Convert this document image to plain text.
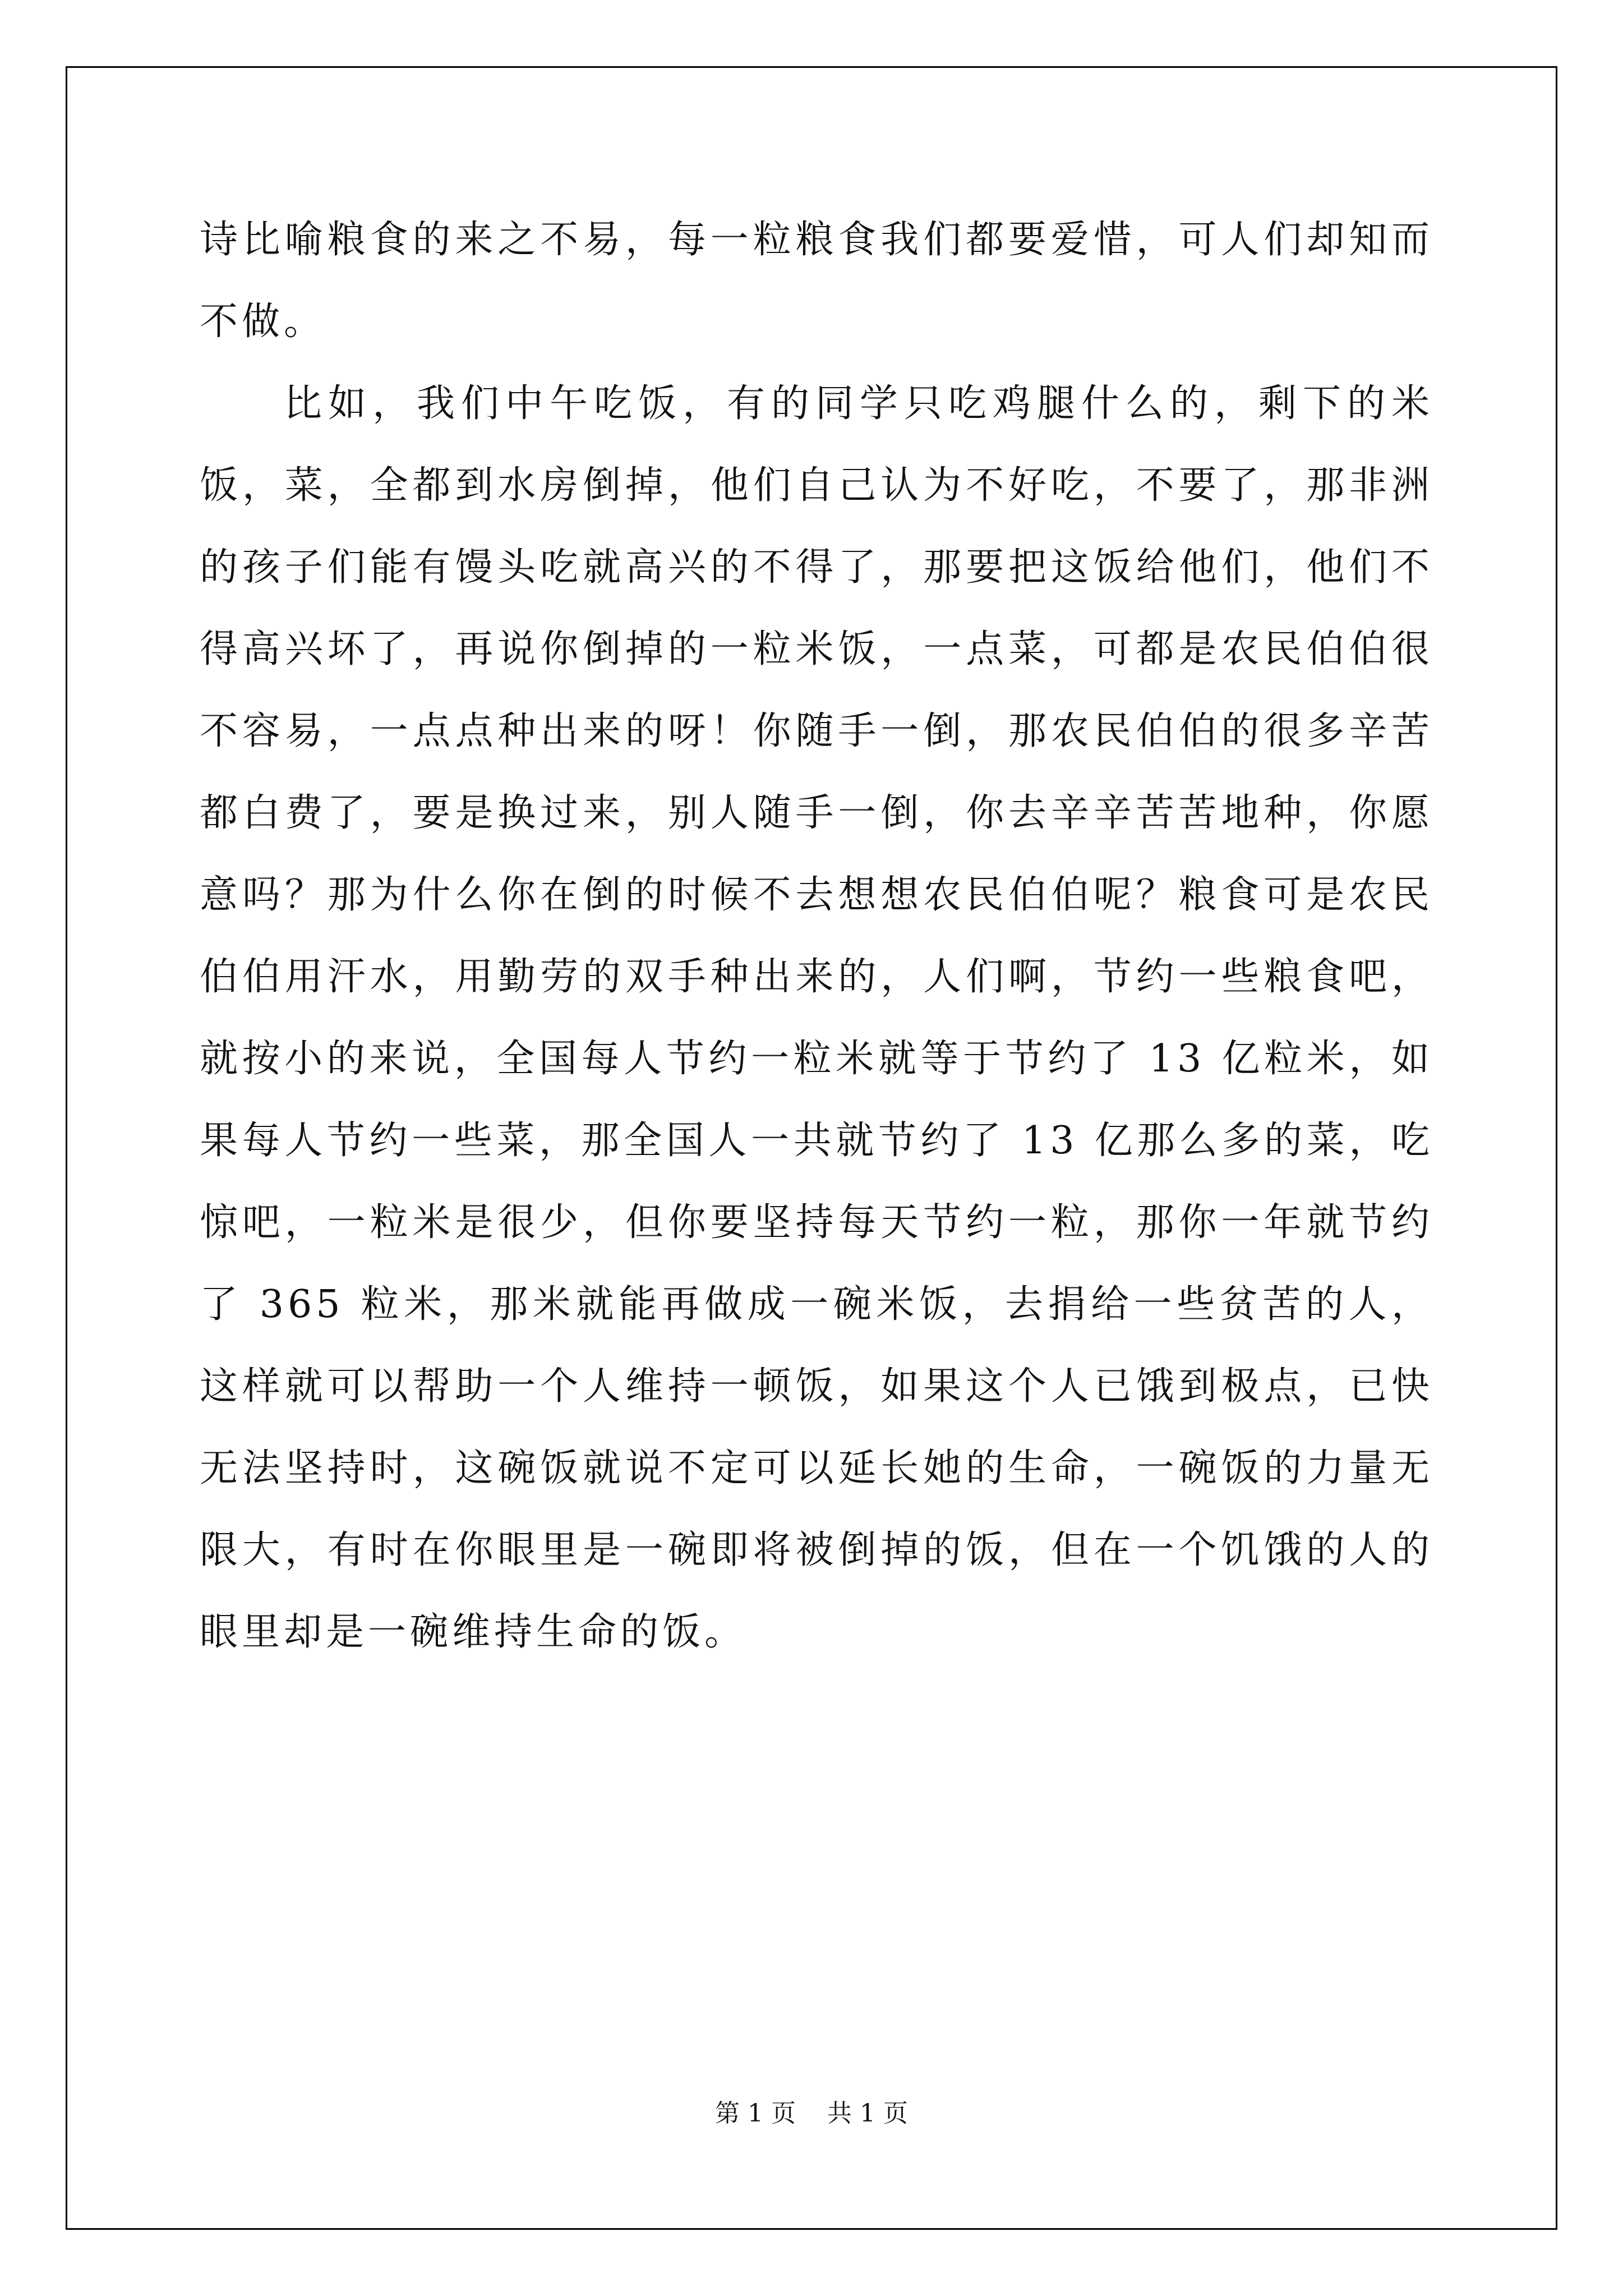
诗比喻粮食的来之不易，每一粒粮食我们都要爱惜，可人们却知而不做。

比如，我们中午吃饭，有的同学只吃鸡腿什么的，剩下的米饭，菜，全都到水房倒掉，他们自己认为不好吃，不要了，那非洲的孩子们能有馒头吃就高兴的不得了，那要把这饭给他们，他们不得高兴坏了，再说你倒掉的一粒米饭，一点菜，可都是农民伯伯很不容易，一点点种出来的呀！你随手一倒，那农民伯伯的很多辛苦都白费了，要是换过来，别人随手一倒，你去辛辛苦苦地种，你愿意吗？那为什么你在倒的时候不去想想农民伯伯呢？粮食可是农民伯伯用汗水，用勤劳的双手种出来的，人们啊，节约一些粮食吧，就按小的来说，全国每人节约一粒米就等于节约了 13 亿粒米，如果每人节约一些菜，那全国人一共就节约了 13 亿那么多的菜，吃惊吧，一粒米是很少，但你要坚持每天节约一粒，那你一年就节约了 365 粒米，那米就能再做成一碗米饭，去捐给一些贫苦的人，这样就可以帮助一个人维持一顿饭，如果这个人已饿到极点，已快无法坚持时，这碗饭就说不定可以延长她的生命，一碗饭的力量无限大，有时在你眼里是一碗即将被倒掉的饭，但在一个饥饿的人的眼里却是一碗维持生命的饭。

第 1 页    共 1 页
